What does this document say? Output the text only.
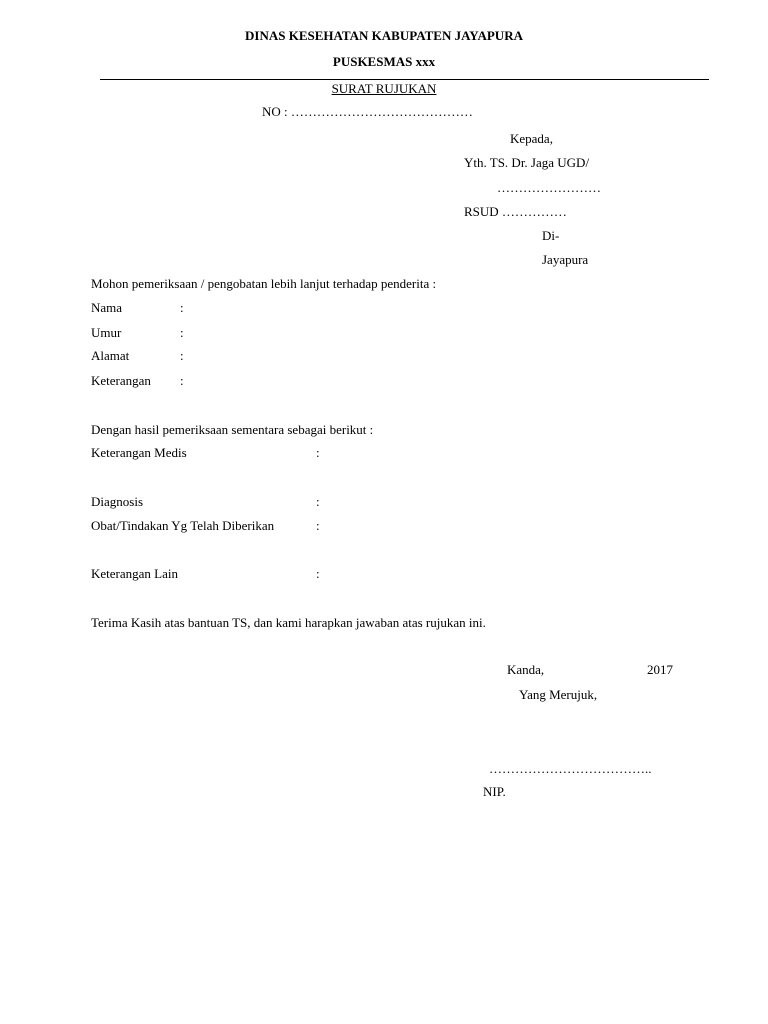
DINAS KESEHATAN KABUPATEN JAYAPURA
PUSKESMAS xxx
SURAT RUJUKAN
NO : ……………………………………
Kepada,
Yth. TS. Dr. Jaga UGD/
……………………
RSUD ……………
Di-
Jayapura
Mohon pemeriksaan / pengobatan lebih lanjut terhadap penderita :
Nama	:
Umur	:
Alamat	:
Keterangan :
Dengan hasil pemeriksaan sementara sebagai berikut :
Keterangan Medis	:
Diagnosis	:
Obat/Tindakan Yg Telah Diberikan	:
Keterangan Lain	:
Terima Kasih atas bantuan TS, dan kami harapkan jawaban atas rujukan ini.
Kanda,	2017
Yang Merujuk,
………………………………..
NIP.
